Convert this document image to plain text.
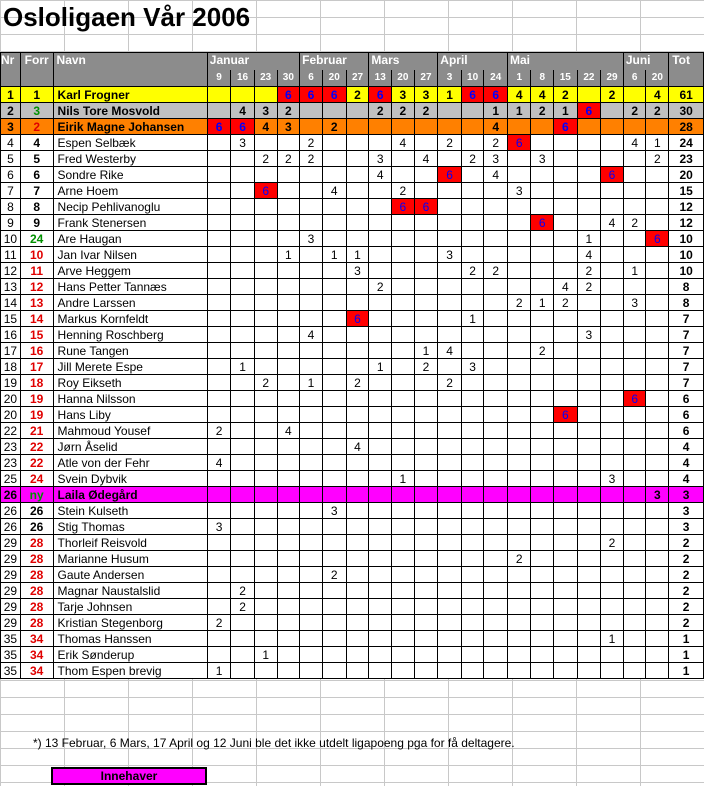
Osloligaen Vår 2006
Nr	Forr	Navn	Januar				Februar			Mars			April			Mai					Juni		Tot
			9	16	23	30	6	20	27	13	20	27	3	10	24	1	8	15	22	29	6	20	
1	1	Karl Frogner				6	6	6	2	6	3	3	1	6	6	4	4	2		2		4	61
2	3	Nils Tore Mosvold		4	3	2				2	2	2			1	1	2	1	6		2	2	30
3	2	Eirik Magne Johansen	6	6	4	3		2							4			6					28
4	4	Espen Selbæk		3			2				4		2		2	6					4	1	24
5	5	Fred Westerby			2	2	2			3		4		2	3		3					2	23
6	6	Sondre Rike								4			6		4					6			20
7	7	Arne Hoem			6			4			2					3							15
8	8	Necip Pehlivanoglu									6	6											12
9	9	Frank Stenersen															6			4	2		12
10	24	Are Haugan					3												1			6	10
11	10	Jan Ivar Nilsen				1		1	1				3						4				10
12	11	Arve Heggem							3					2	2				2		1		10
13	12	Hans Petter Tannæs								2								4	2				8
14	13	Andre Larssen														2	1	2			3		8
15	14	Markus Kornfeldt							6					1									7
16	15	Henning Roschberg					4												3				7
17	16	Rune Tangen										1	4				2						7
18	17	Jill Merete Espe		1						1		2		3									7
19	18	Roy Eikseth			2		1		2				2										7
20	19	Hanna Nilsson																			6		6
20	19	Hans Liby																6					6
22	21	Mahmoud Yousef	2			4																	6
23	22	Jørn Åselid							4														4
23	22	Atle von der Fehr	4																				4
25	24	Svein Dybvik									1									3			4
26	ny	Laila Ødegård																				3	3
26	26	Stein Kulseth						3															3
26	26	Stig Thomas	3																				3
29	28	Thorleif Reisvold																		2			2
29	28	Marianne Husum														2							2
29	28	Gaute Andersen						2															2
29	28	Magnar Naustalslid		2																			2
29	28	Tarje Johnsen		2																			2
29	28	Kristian Stegenborg	2																				2
35	34	Thomas Hanssen																		1			1
35	34	Erik Sønderup			1																		1
35	34	Thom Espen brevig	1																				1
*) 13 Februar, 6 Mars, 17 April og 12 Juni ble det ikke utdelt ligapoeng pga for få deltagere.
Innehaver
